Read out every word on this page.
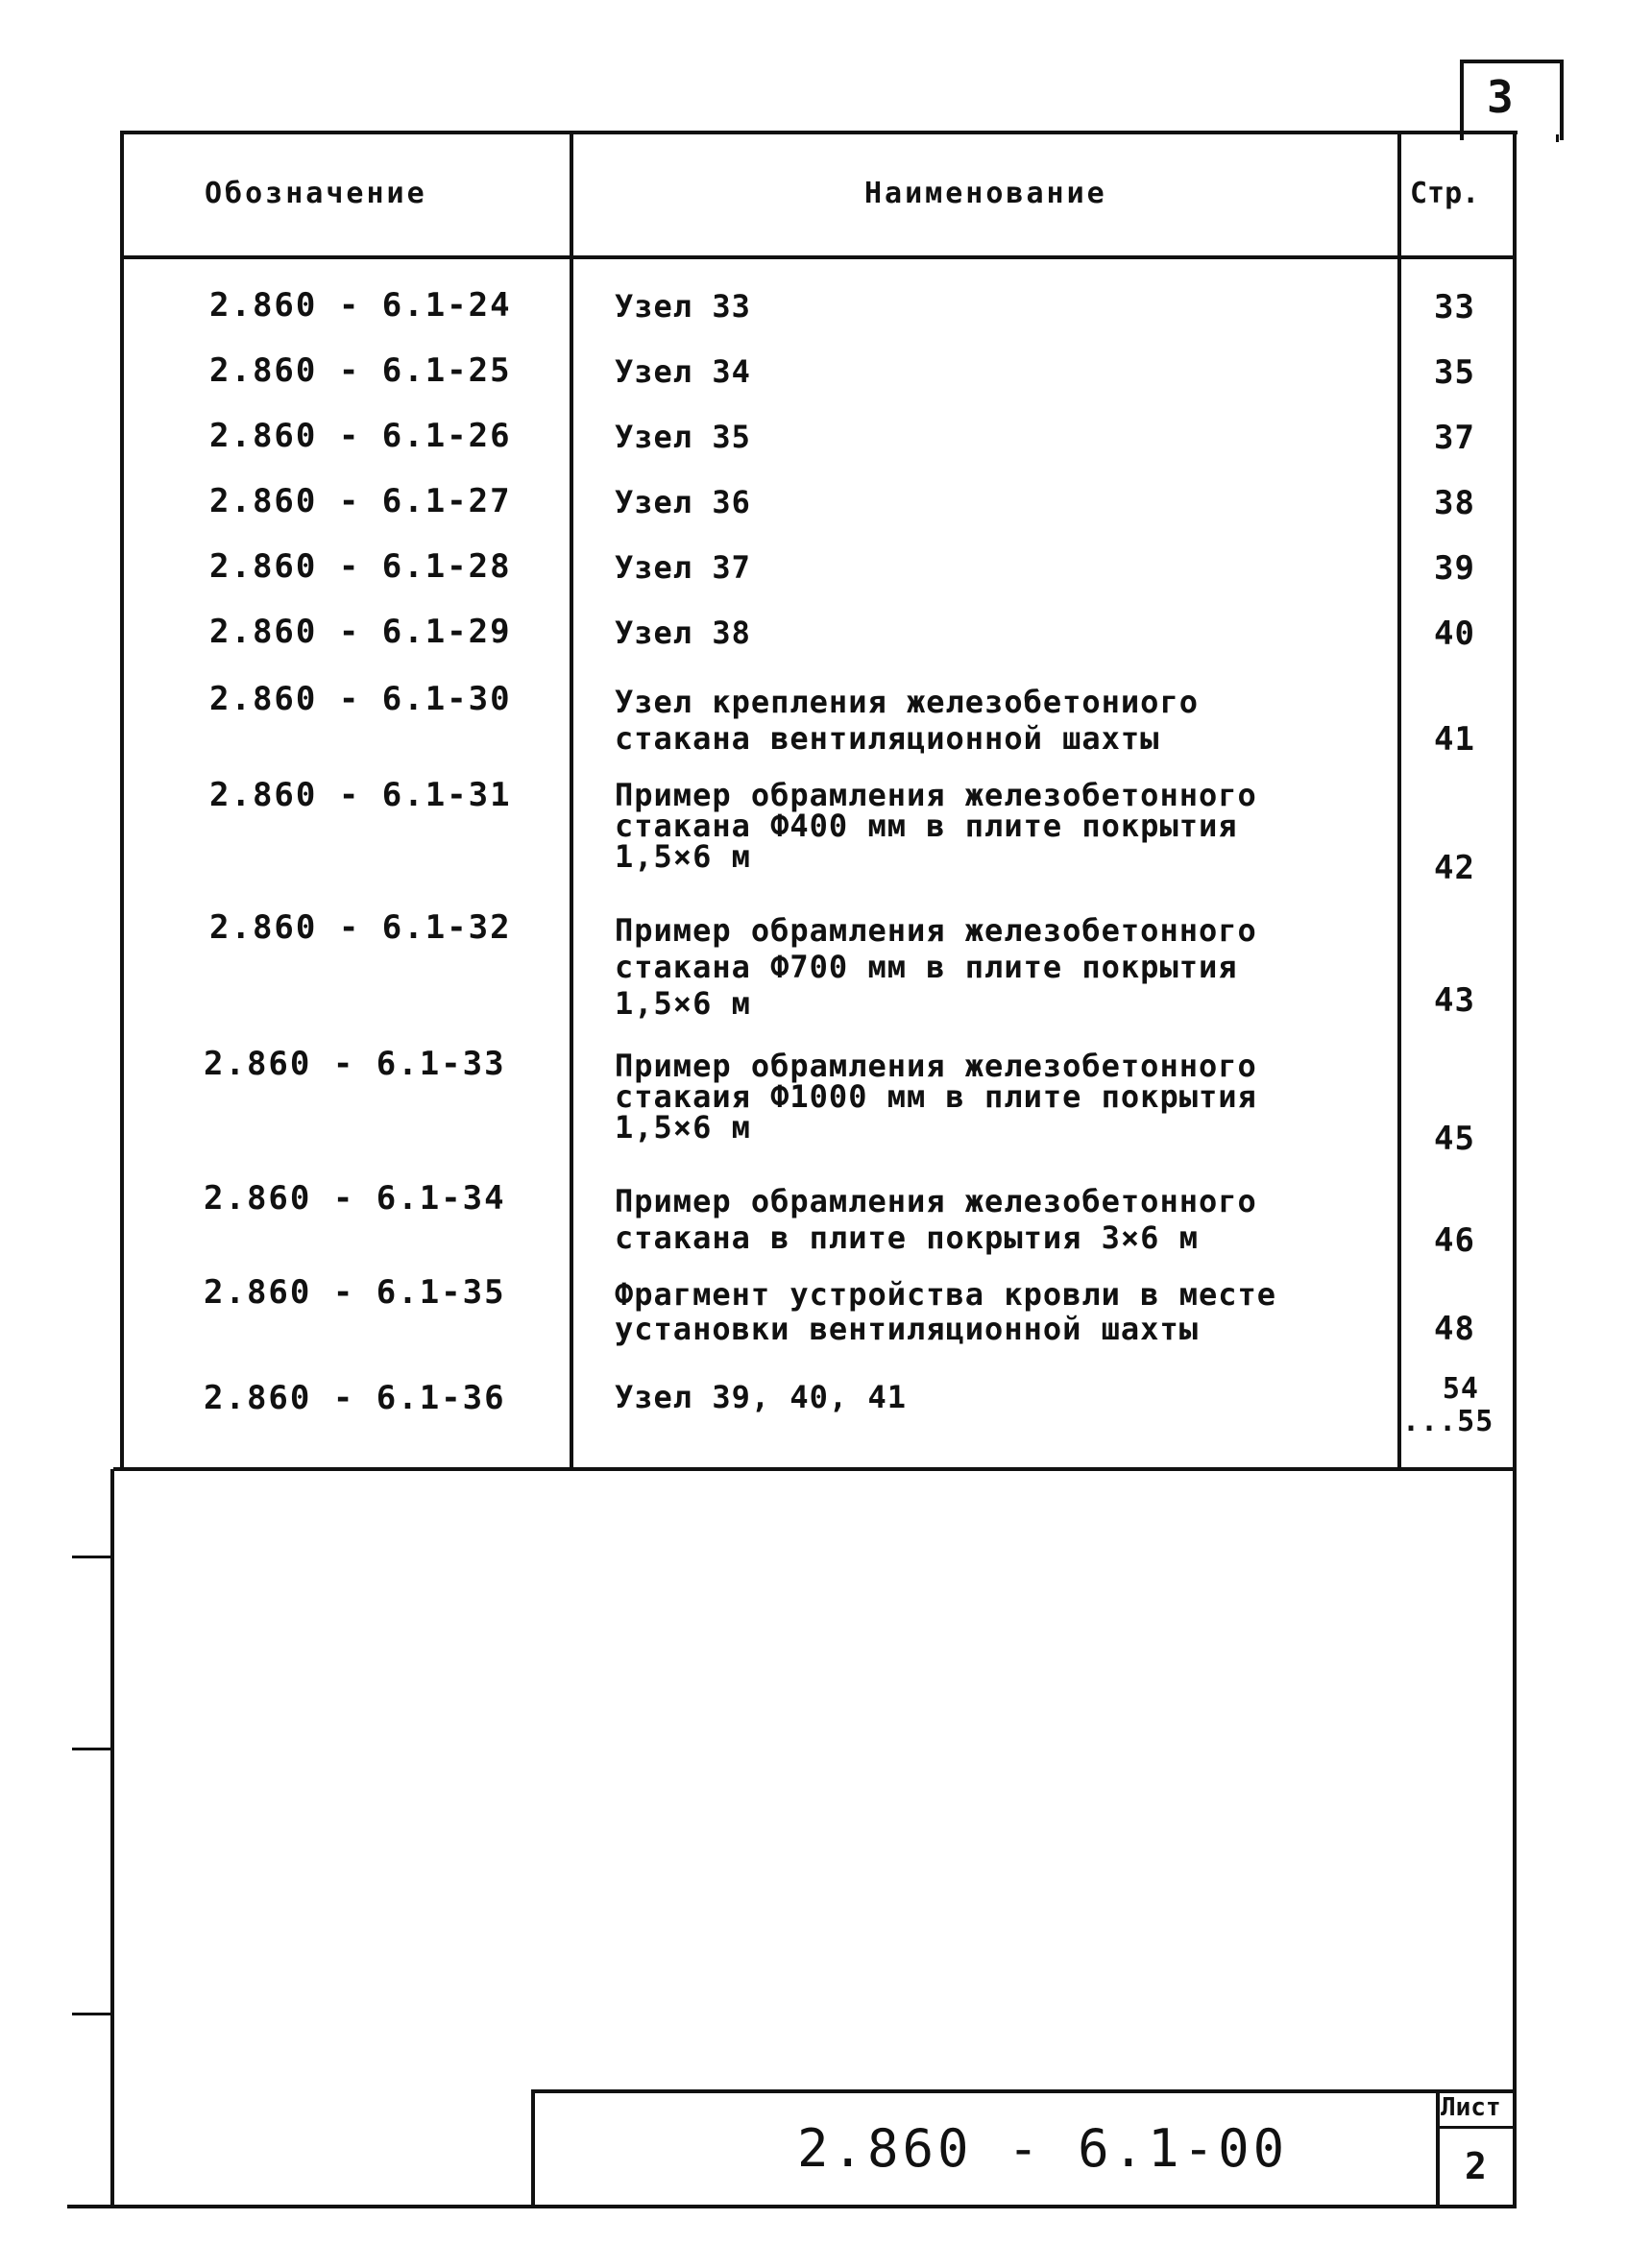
3
Обозначение	Наименование	Стр.
2.860 - 6.1-24	Узел 33	33
2.860 - 6.1-25	Узел 34	35
2.860 - 6.1-26	Узел 35	37
2.860 - 6.1-27	Узел 36	38
2.860 - 6.1-28	Узел 37	39
2.860 - 6.1-29	Узел 38	40
2.860 - 6.1-30	Узел крепления железобетониого
стакана вентиляционной шахты	41
2.860 - 6.1-31	Пример обрамления железобетонного
стакана Ф400 мм в плите покрытия
1,5×6 м	42
2.860 - 6.1-32	Пример обрамления железобетонного
стакана Ф700 мм в плите покрытия
1,5×6 м	43
2.860 - 6.1-33	Пример обрамления железобетонного
стакаия Ф1000 мм в плите покрытия
1,5×6 м	45
2.860 - 6.1-34	Пример обрамления железобетонного
стакана в плите покрытия 3×6 м	46
2.860 - 6.1-35	Фрагмент устройства кровли в месте
установки вентиляционной шахты	48
2.860 - 6.1-36	Узел 39, 40, 41	54
...55
2.860 - 6.1-00
Лист
2
